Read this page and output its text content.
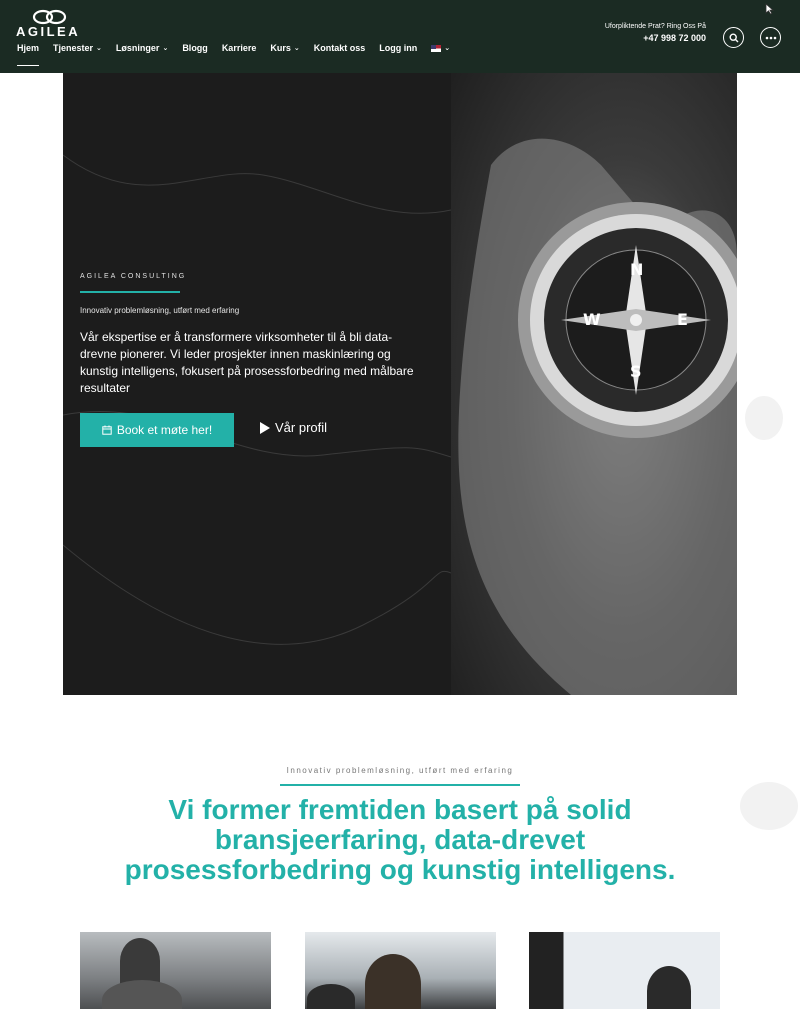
AGILEA
Hjem Tjenester ⌄ Løsninger ⌄ Blogg Karriere Kurs ⌄ Kontakt oss Logg inn	⌄
Uforpliktende Prat? Ring Oss På
+47 998 72 000
N
S
E
W
AGILEA CONSULTING
Innovativ problemløsning, utført med erfaring
Vår ekspertise er å transformere virksomheter til å bli data-drevne pionerer. Vi leder prosjekter innen maskinlæring og kunstig intelligens, fokusert på prosessforbedring med målbare resultater
Book et møte her!	Vår profil
Innovativ problemløsning, utført med erfaring
Vi former fremtiden basert på solid bransjeerfaring, data-drevet prosessforbedring og kunstig intelligens.
